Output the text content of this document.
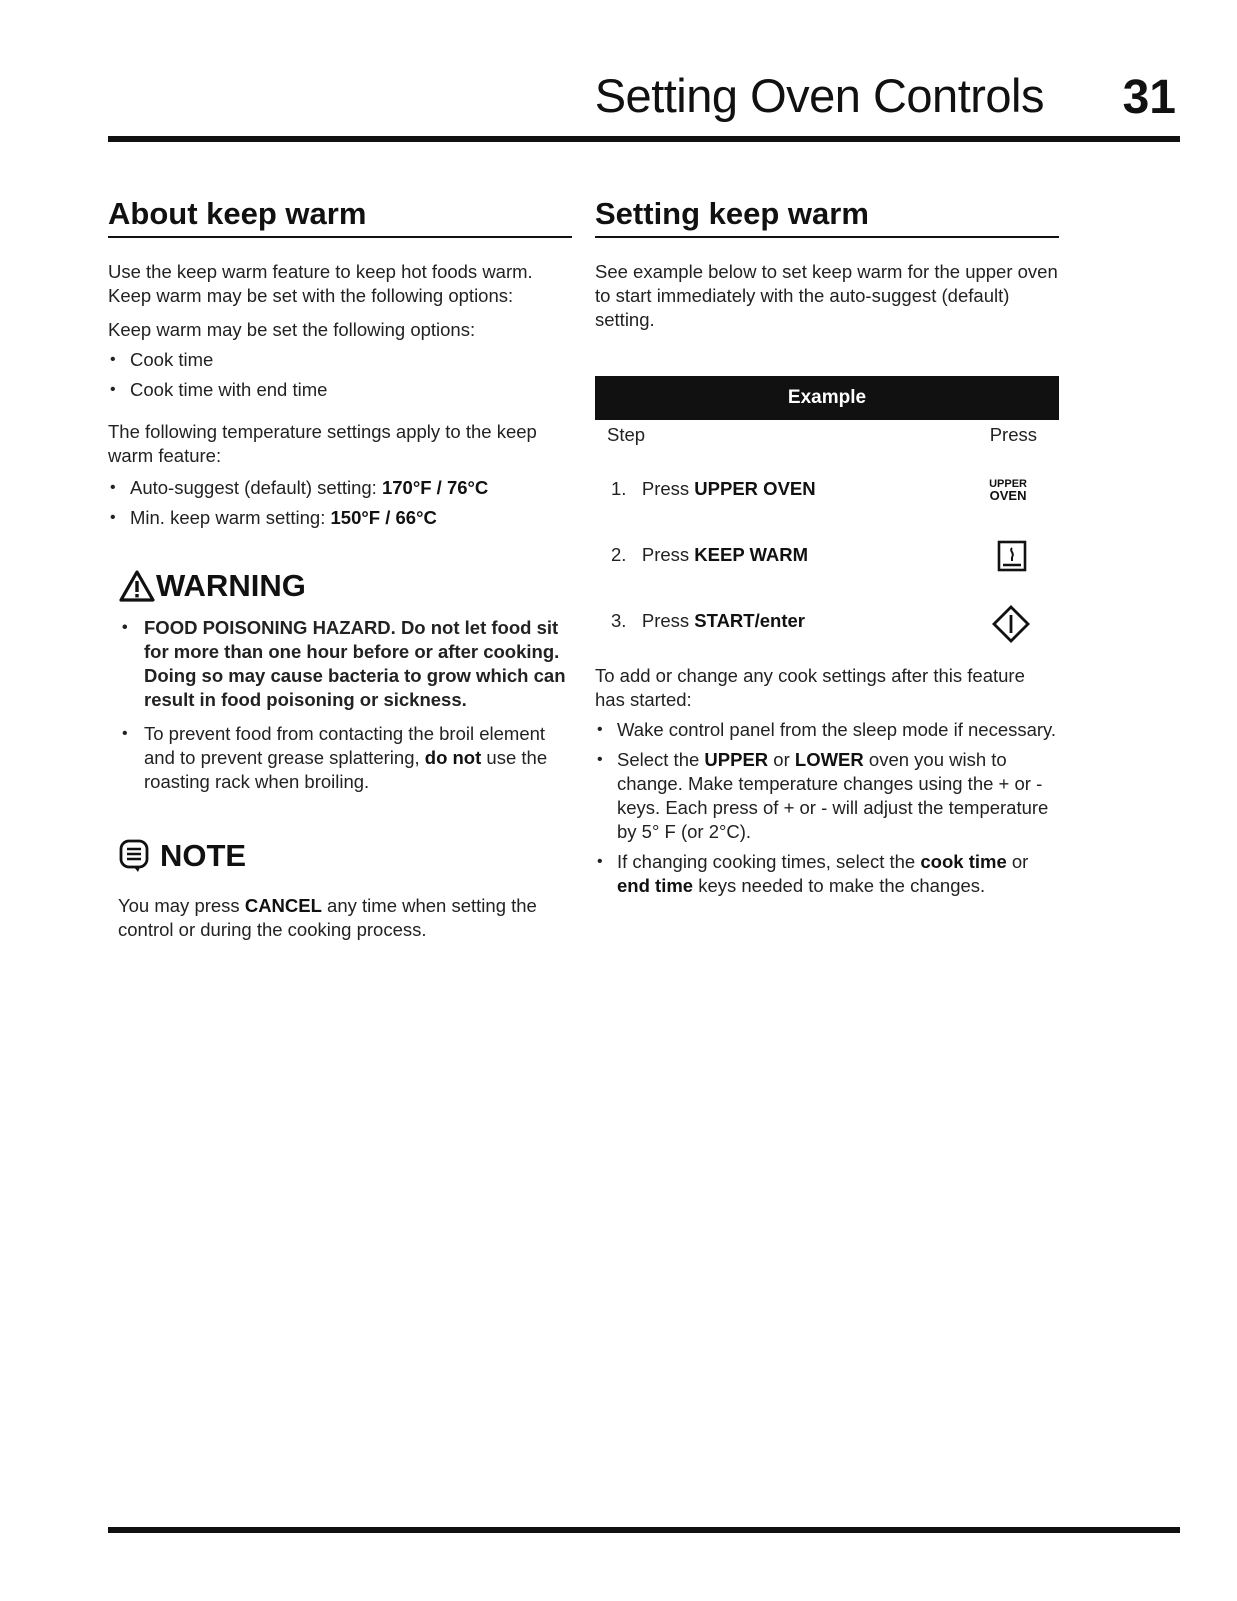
Setting Oven Controls 31
About keep warm

Use the keep warm feature to keep hot foods warm. Keep warm may be set with the following options:

Keep warm may be set the following options:

• Cook time
• Cook time with end time

The following temperature settings apply to the keep warm feature:

• Auto-suggest (default) setting: 170°F / 76°C
• Min. keep warm setting: 150°F / 66°C
WARNING
• FOOD POISONING HAZARD. Do not let food sit for more than one hour before or after cooking. Doing so may cause bacteria to grow which can result in food poisoning or sickness.
• To prevent food from contacting the broil element and to prevent grease splattering, do not use the roasting rack when broiling.
NOTE

You may press CANCEL any time when setting the control or during the cooking process.

Setting keep warm

See example below to set keep warm for the upper oven to start immediately with the auto-suggest (default) setting.

Example
Step	Press
1. Press UPPER OVEN	UPPER
OVEN
2. Press KEEP WARM
3. Press START/enter

To add or change any cook settings after this feature has started:

• Wake control panel from the sleep mode if necessary.
• Select the UPPER or LOWER oven you wish to change. Make temperature changes using the + or - keys. Each press of + or - will adjust the temperature by 5° F (or 2°C).
• If changing cooking times, select the cook time or end time keys needed to make the changes.
